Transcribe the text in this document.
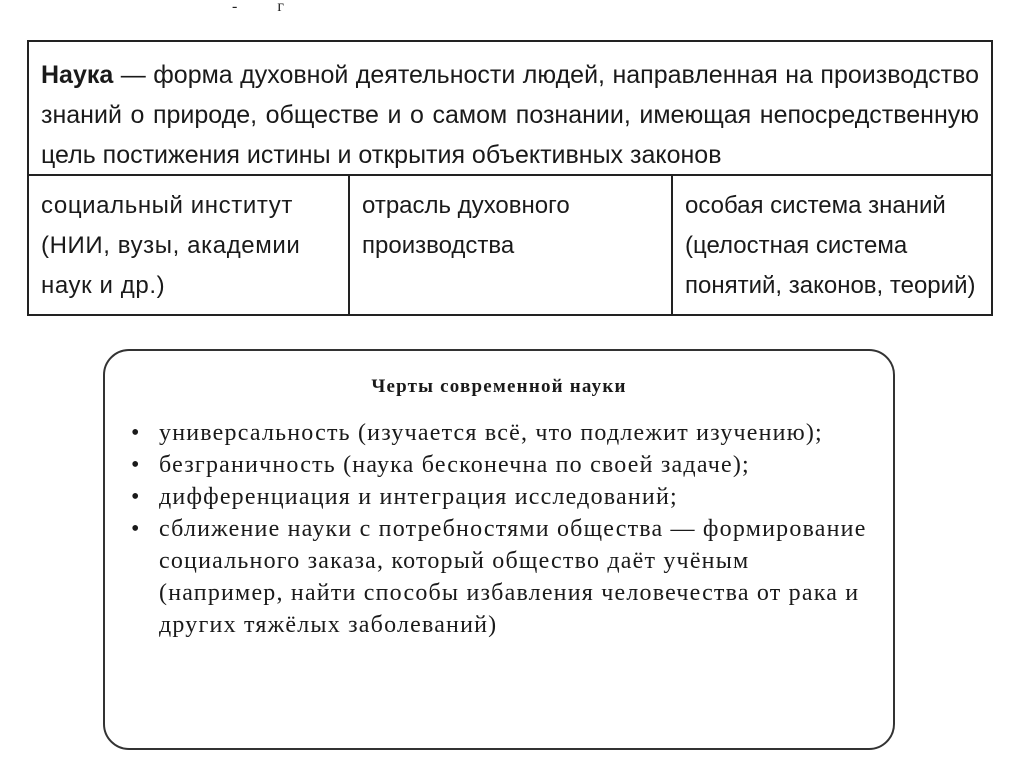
- г
Наука — форма духовной деятельности людей, направленная на производство знаний о природе, обществе и о самом познании, имеющая непосредственную цель постижения истины и открытия объективных законов
социальный институт (НИИ, вузы, академии наук и др.)
отрасль духовного производства
особая система знаний (целостная система понятий, законов, теорий)
Черты современной науки
• универсальность (изучается всё, что подлежит изучению);
• безграничность (наука бесконечна по своей задаче);
• дифференциация и интеграция исследований;
• сближение науки с потребностями общества — формирование социального заказа, который общество даёт учёным (например, найти способы избавления человечества от рака и других тяжёлых заболеваний)
